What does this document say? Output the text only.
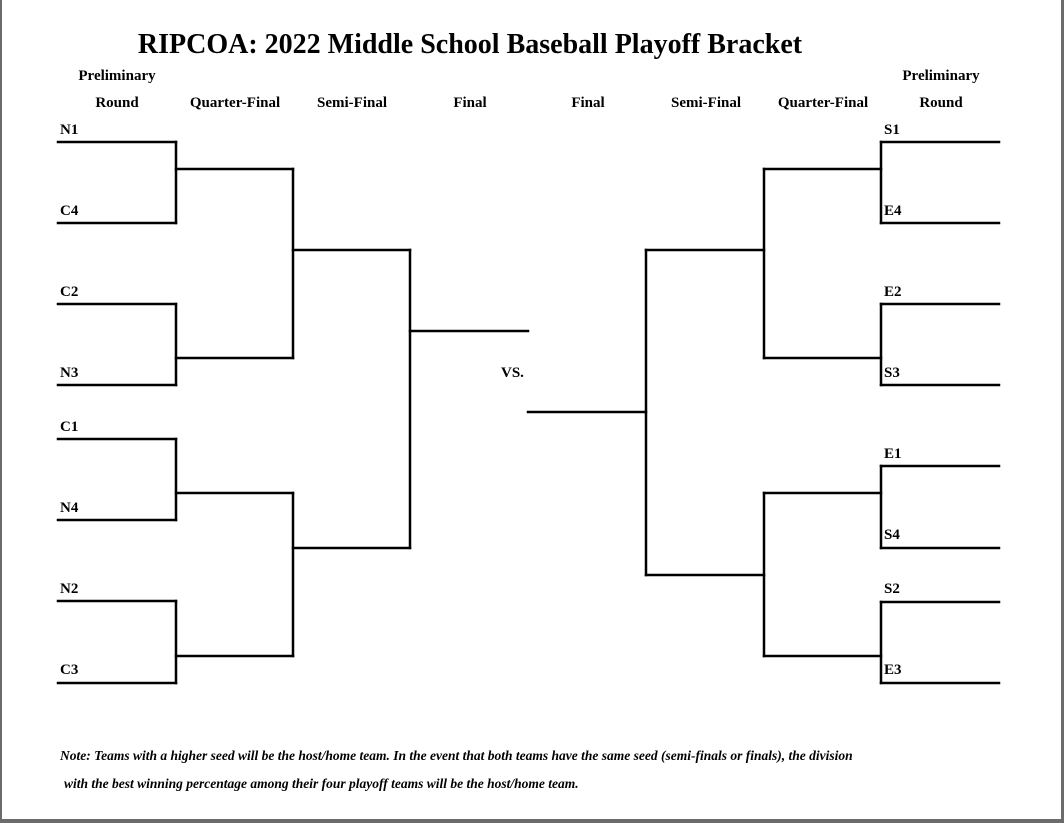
RIPCOA: 2022 Middle School Baseball Playoff Bracket
Preliminary
Round	Quarter-Final Semi-Final	Final	Final	Semi-Final Quarter-Final
Preliminary
Round
N1
C4
C2
N3
C1
N4
N2
C3
S1
E4
E2
S3
E1
S4
S2
E3
VS.
Note: Teams with a higher seed will be the host/home team. In the event that both teams have the same seed (semi-finals or finals), the division
with the best winning percentage among their four playoff teams will be the host/home team.
